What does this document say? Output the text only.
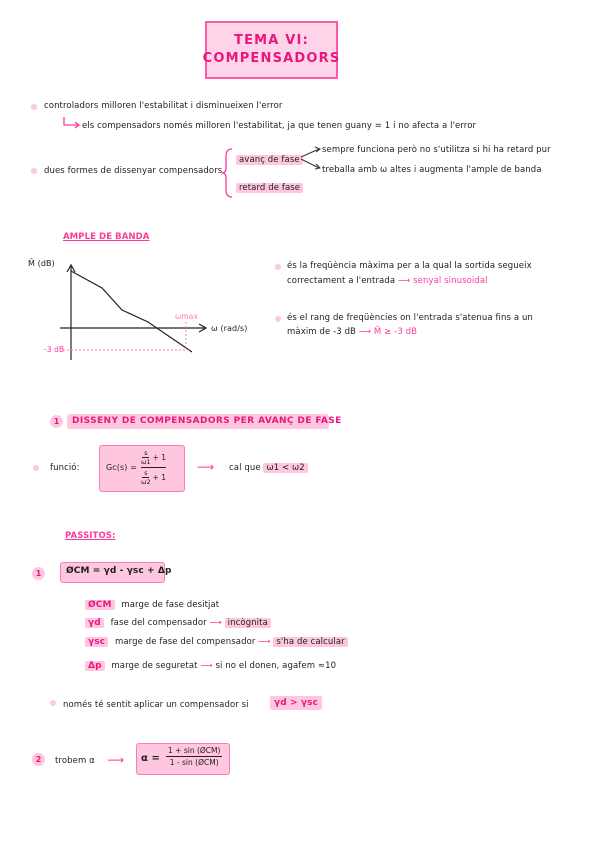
TEMA VI:
COMPENSADORS
controladors milloren l'estabilitat i disminueixen l'error
els compensadors només milloren l'estabilitat, ja que tenen guany = 1 i no afecta a l'error
dues formes de dissenyar compensadors
avanç de fase
retard de fase
sempre funciona però no s'utilitza si hi ha retard pur
treballa amb ω altes i augmenta l'ample de banda
AMPLE DE BANDA
M̄ (dB)
ω (rad/s)
ωmax
-3 dB
és la freqüència màxima per a la qual la sortida segueix
correctament a l'entrada ⟶ senyal sinusoidal
és el rang de freqüències on l'entrada s'atenua fins a un
màxim de -3 dB ⟶ M̄ ≥ -3 dB
1	DISSENY DE COMPENSADORS PER AVANÇ DE FASE
funció:	Gc(s) =
$\frac{s}{\omega 1} + 1$
$\frac{s}{\omega 2} + 1$
⟶ cal que ω1 < ω2
PASSITOS:
1	ØCM = γd - γsc + Δp
ØCM marge de fase desitjat
γd fase del compensador ⟶ incògnita
γsc marge de fase del compensador ⟶ s'ha de calcular
Δp marge de seguretat ⟶ si no el donen, agafem ≈10
només té sentit aplicar un compensador si	γd > γsc
2	trobem α ⟶ α =
1 + sin (ØCM)
1 - sin (ØCM)
